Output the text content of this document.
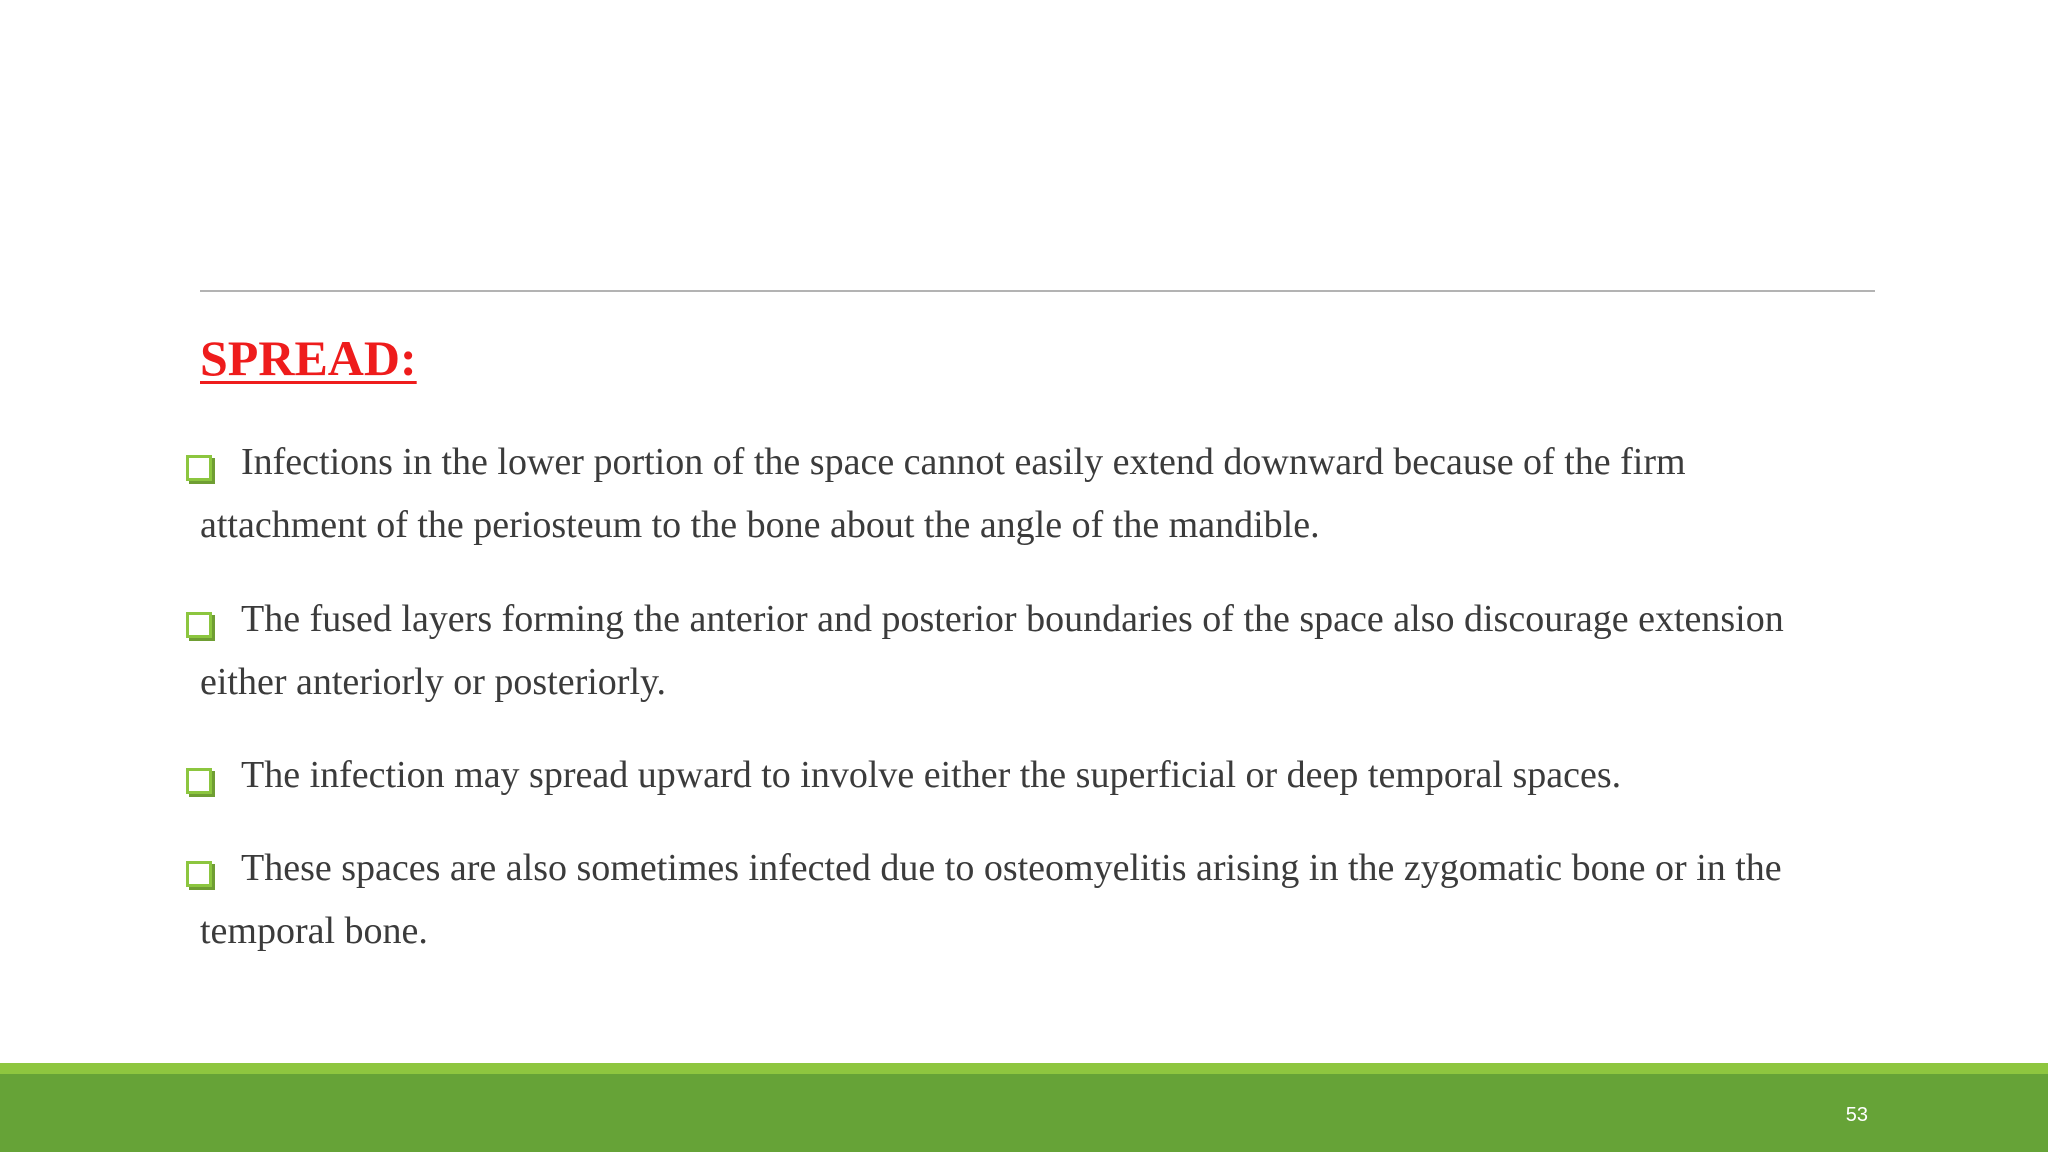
SPREAD:

Infections in the lower portion of the space cannot easily extend downward because of the firm attachment of the periosteum to the bone about the angle of the mandible.

The fused layers forming the anterior and posterior boundaries of the space also discourage extension either anteriorly or posteriorly.

The infection may spread upward to involve either the superficial or deep temporal spaces.

These spaces are also sometimes infected due to osteomyelitis arising in the zygomatic bone or in the temporal bone.

53
